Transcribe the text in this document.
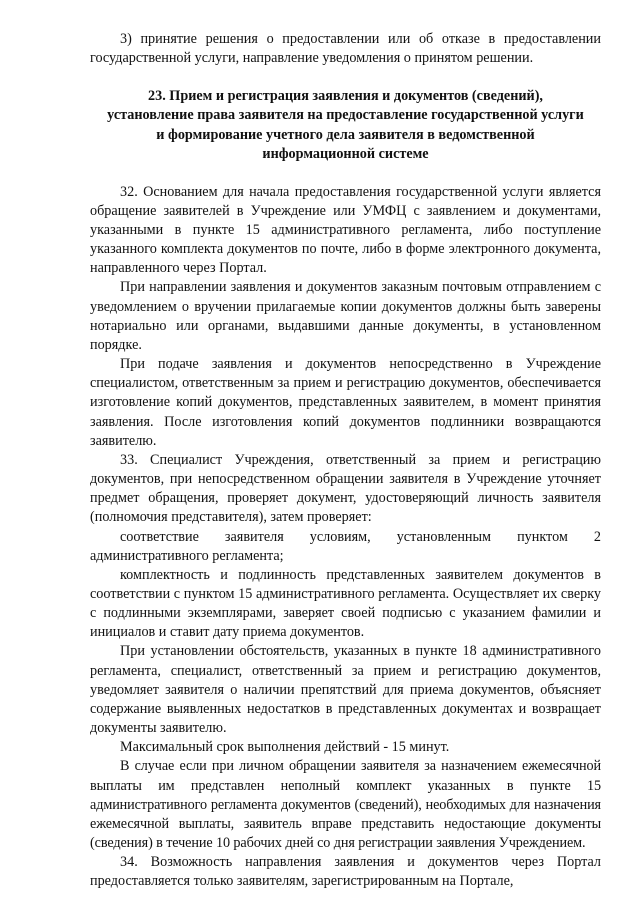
3) принятие решения о предоставлении или об отказе в предоставлении государственной услуги, направление уведомления о принятом решении.

23. Прием и регистрация заявления и документов (сведений),
установление права заявителя на предоставление государственной услуги
и формирование учетного дела заявителя в ведомственной
информационной системе

32. Основанием для начала предоставления государственной услуги является обращение заявителей в Учреждение или УМФЦ с заявлением и документами, указанными в пункте 15 административного регламента, либо поступление указанного комплекта документов по почте, либо в форме электронного документа, направленного через Портал.

При направлении заявления и документов заказным почтовым отправлением с уведомлением о вручении прилагаемые копии документов должны быть заверены нотариально или органами, выдавшими данные документы, в установленном порядке.

При подаче заявления и документов непосредственно в Учреждение специалистом, ответственным за прием и регистрацию документов, обеспечивается изготовление копий документов, представленных заявителем, в момент принятия заявления. После изготовления копий документов подлинники возвращаются заявителю.

33. Специалист Учреждения, ответственный за прием и регистрацию документов, при непосредственном обращении заявителя в Учреждение уточняет предмет обращения, проверяет документ, удостоверяющий личность заявителя (полномочия представителя), затем проверяет:

соответствие заявителя условиям, установленным пунктом 2 административного регламента;

комплектность и подлинность представленных заявителем документов в соответствии с пунктом 15 административного регламента. Осуществляет их сверку с подлинными экземплярами, заверяет своей подписью с указанием фамилии и инициалов и ставит дату приема документов.

При установлении обстоятельств, указанных в пункте 18 административного регламента, специалист, ответственный за прием и регистрацию документов, уведомляет заявителя о наличии препятствий для приема документов, объясняет содержание выявленных недостатков в представленных документах и возвращает документы заявителю.

Максимальный срок выполнения действий - 15 минут.

В случае если при личном обращении заявителя за назначением ежемесячной выплаты им представлен неполный комплект указанных в пункте 15 административного регламента документов (сведений), необходимых для назначения ежемесячной выплаты, заявитель вправе представить недостающие документы (сведения) в течение 10 рабочих дней со дня регистрации заявления Учреждением.

34. Возможность направления заявления и документов через Портал предоставляется только заявителям, зарегистрированным на Портале,
